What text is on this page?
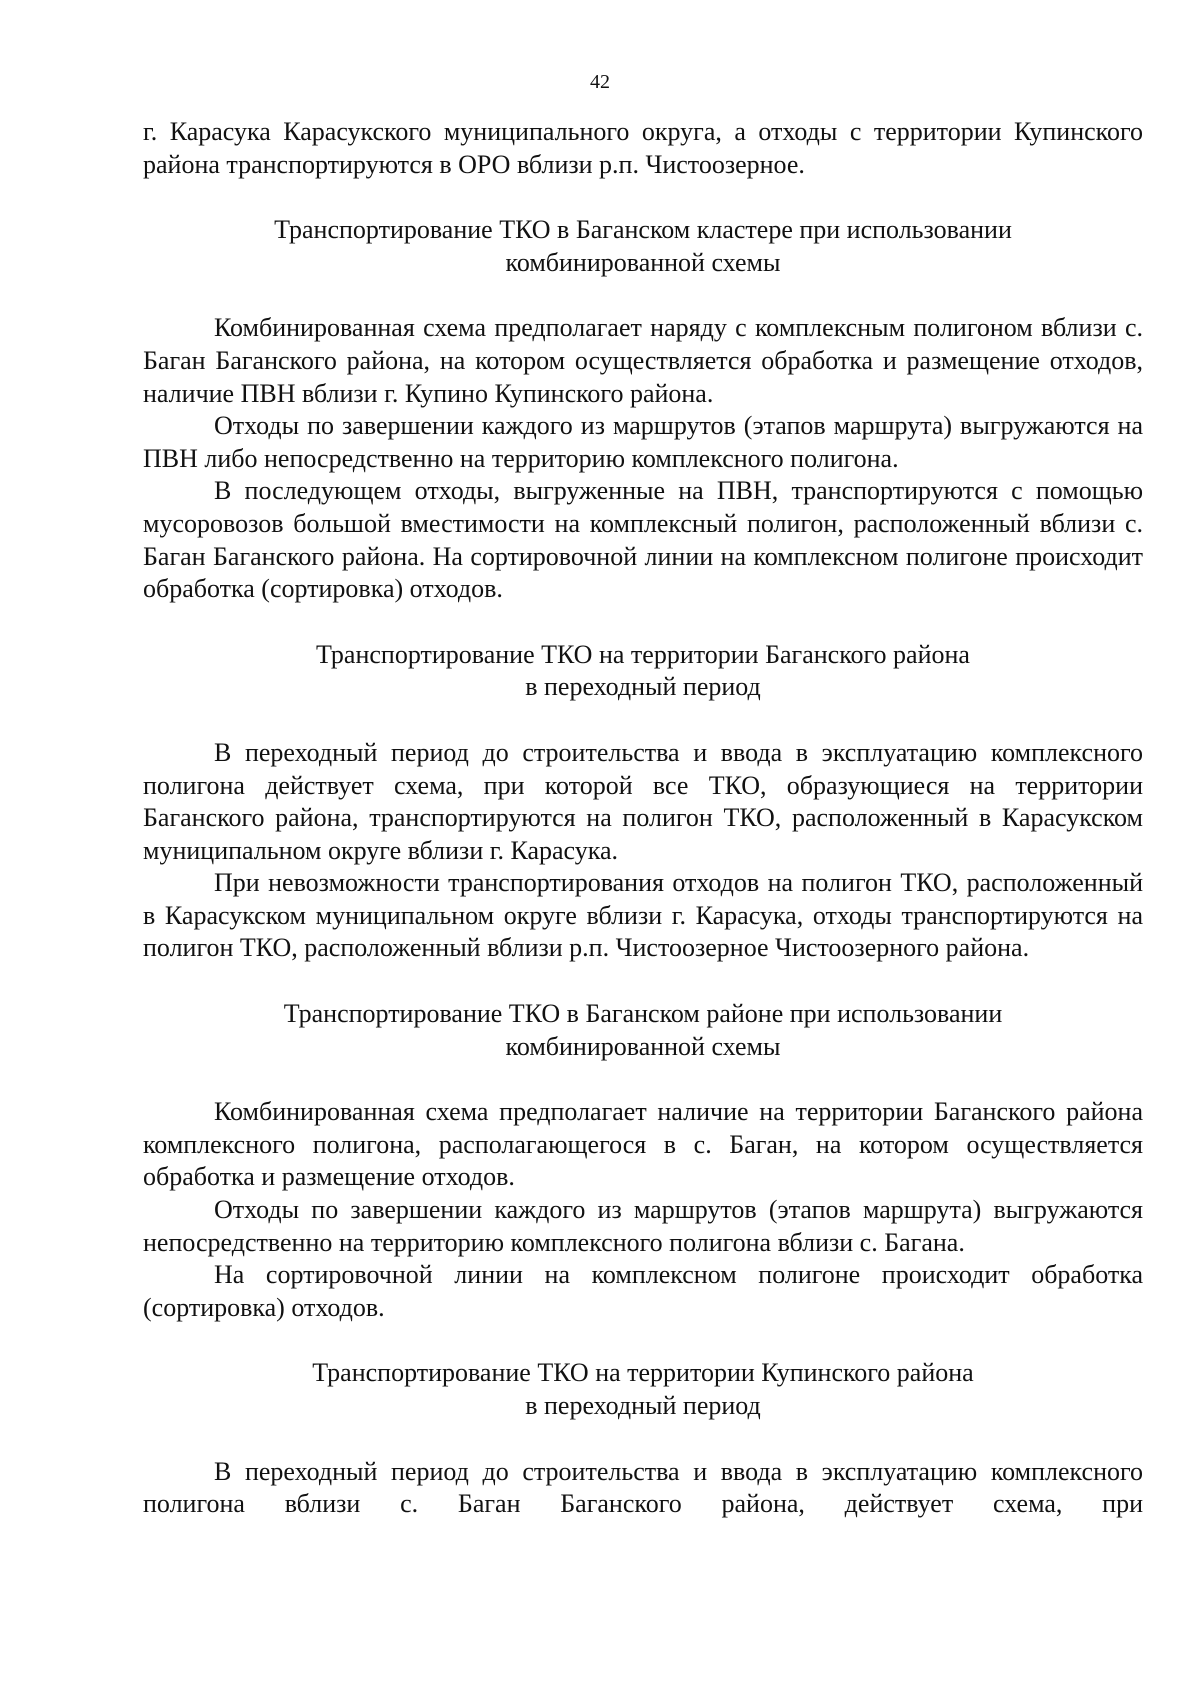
42

г. Карасука Карасукского муниципального округа, а отходы с территории Купинского района транспортируются в ОРО вблизи р.п. Чистоозерное.

Транспортирование ТКО в Баганском кластере при использовании
комбинированной схемы

Комбинированная схема предполагает наряду с комплексным полигоном вблизи с. Баган Баганского района, на котором осуществляется обработка и размещение отходов, наличие ПВН вблизи г. Купино Купинского района.

Отходы по завершении каждого из маршрутов (этапов маршрута) выгружаются на ПВН либо непосредственно на территорию комплексного полигона.

В последующем отходы, выгруженные на ПВН, транспортируются с помощью мусоровозов большой вместимости на комплексный полигон, расположенный вблизи с. Баган Баганского района. На сортировочной линии на комплексном полигоне происходит обработка (сортировка) отходов.

Транспортирование ТКО на территории Баганского района
в переходный период

В переходный период до строительства и ввода в эксплуатацию комплексного полигона действует схема, при которой все ТКО, образующиеся на территории Баганского района, транспортируются на полигон ТКО, расположенный в Карасукском муниципальном округе вблизи г. Карасука.

При невозможности транспортирования отходов на полигон ТКО, расположенный в Карасукском муниципальном округе вблизи г. Карасука, отходы транспортируются на полигон ТКО, расположенный вблизи р.п. Чистоозерное Чистоозерного района.

Транспортирование ТКО в Баганском районе при использовании
комбинированной схемы

Комбинированная схема предполагает наличие на территории Баганского района комплексного полигона, располагающегося в с. Баган, на котором осуществляется обработка и размещение отходов.

Отходы по завершении каждого из маршрутов (этапов маршрута) выгружаются непосредственно на территорию комплексного полигона вблизи с. Багана.

На сортировочной линии на комплексном полигоне происходит обработка (сортировка) отходов.

Транспортирование ТКО на территории Купинского района
в переходный период

В переходный период до строительства и ввода в эксплуатацию комплексного полигона вблизи с. Баган Баганского района, действует схема, при
